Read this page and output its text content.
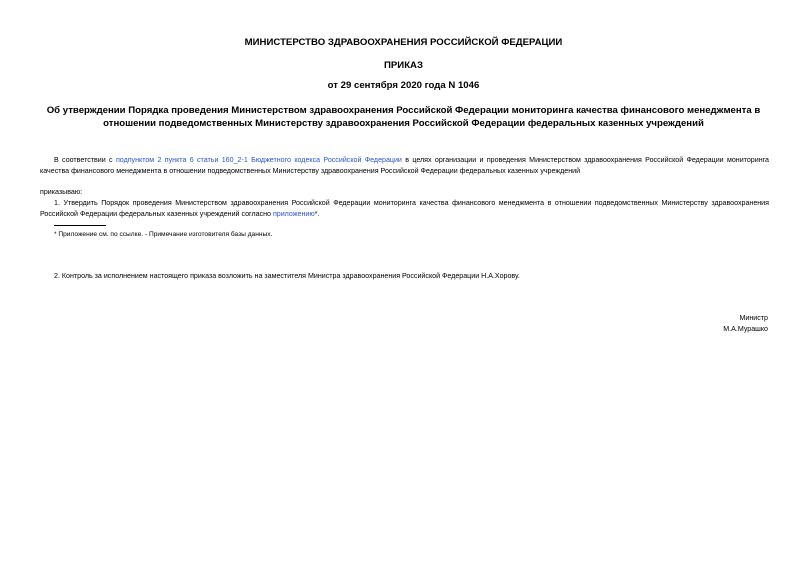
МИНИСТЕРСТВО ЗДРАВООХРАНЕНИЯ РОССИЙСКОЙ ФЕДЕРАЦИИ
ПРИКАЗ
от 29 сентября 2020 года N 1046
Об утверждении Порядка проведения Министерством здравоохранения Российской Федерации мониторинга качества финансового менеджмента в отношении подведомственных Министерству здравоохранения Российской Федерации федеральных казенных учреждений
В соответствии с подпунктом 2 пункта 6 статьи 160_2-1 Бюджетного кодекса Российской Федерации в целях организации и проведения Министерством здравоохранения Российской Федерации мониторинга качества финансового менеджмента в отношении подведомственных Министерству здравоохранения Российской Федерации федеральных казенных учреждений
приказываю:
1. Утвердить Порядок проведения Министерством здравоохранения Российской Федерации мониторинга качества финансового менеджмента в отношении подведомственных Министерству здравоохранения Российской Федерации федеральных казенных учреждений согласно приложению*.
* Приложение см. по ссылке. - Примечание изготовителя базы данных.
2. Контроль за исполнением настоящего приказа возложить на заместителя Министра здравоохранения Российской Федерации Н.А.Хорову.
Министр
М.А.Мурашко
